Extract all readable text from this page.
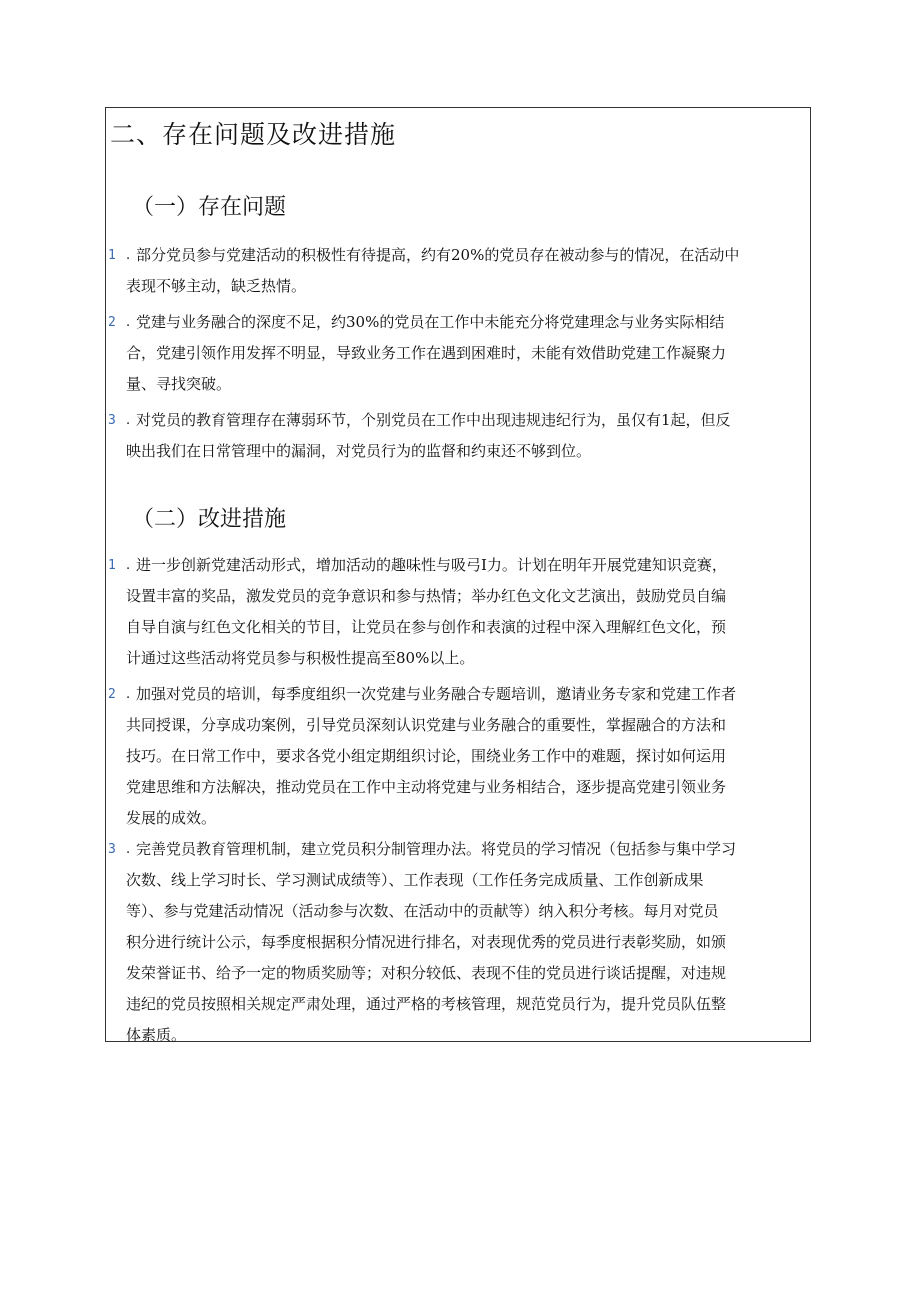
二、存在问题及改进措施
（一）存在问题
（二）改进措施
1 . 部分党员参与党建活动的积极性有待提高，约有20%的党员存在被动参与的情况，在活动中
表现不够主动，缺乏热情。
2 . 党建与业务融合的深度不足，约30%的党员在工作中未能充分将党建理念与业务实际相结
合，党建引领作用发挥不明显，导致业务工作在遇到困难时，未能有效借助党建工作凝聚力
量、寻找突破。
3 . 对党员的教育管理存在薄弱环节，个别党员在工作中出现违规违纪行为，虽仅有1起，但反
映出我们在日常管理中的漏洞，对党员行为的监督和约束还不够到位。
1 . 进一步创新党建活动形式，增加活动的趣味性与吸弓I力。计划在明年开展党建知识竞赛，
设置丰富的奖品，激发党员的竞争意识和参与热情；举办红色文化文艺演出，鼓励党员自编
自导自演与红色文化相关的节目，让党员在参与创作和表演的过程中深入理解红色文化，预
计通过这些活动将党员参与积极性提高至80%以上。
2 . 加强对党员的培训，每季度组织一次党建与业务融合专题培训，邀请业务专家和党建工作者
共同授课，分享成功案例，引导党员深刻认识党建与业务融合的重要性，掌握融合的方法和
技巧。在日常工作中，要求各党小组定期组织讨论，围绕业务工作中的难题，探讨如何运用
党建思维和方法解决，推动党员在工作中主动将党建与业务相结合，逐步提高党建引领业务
发展的成效。
3 . 完善党员教育管理机制，建立党员积分制管理办法。将党员的学习情况（包括参与集中学习
次数、线上学习时长、学习测试成绩等）、工作表现（工作任务完成质量、工作创新成果
等）、参与党建活动情况（活动参与次数、在活动中的贡献等）纳入积分考核。每月对党员
积分进行统计公示，每季度根据积分情况进行排名，对表现优秀的党员进行表彰奖励，如颁
发荣誉证书、给予一定的物质奖励等；对积分较低、表现不佳的党员进行谈话提醒，对违规
违纪的党员按照相关规定严肃处理，通过严格的考核管理，规范党员行为，提升党员队伍整
体素质。
